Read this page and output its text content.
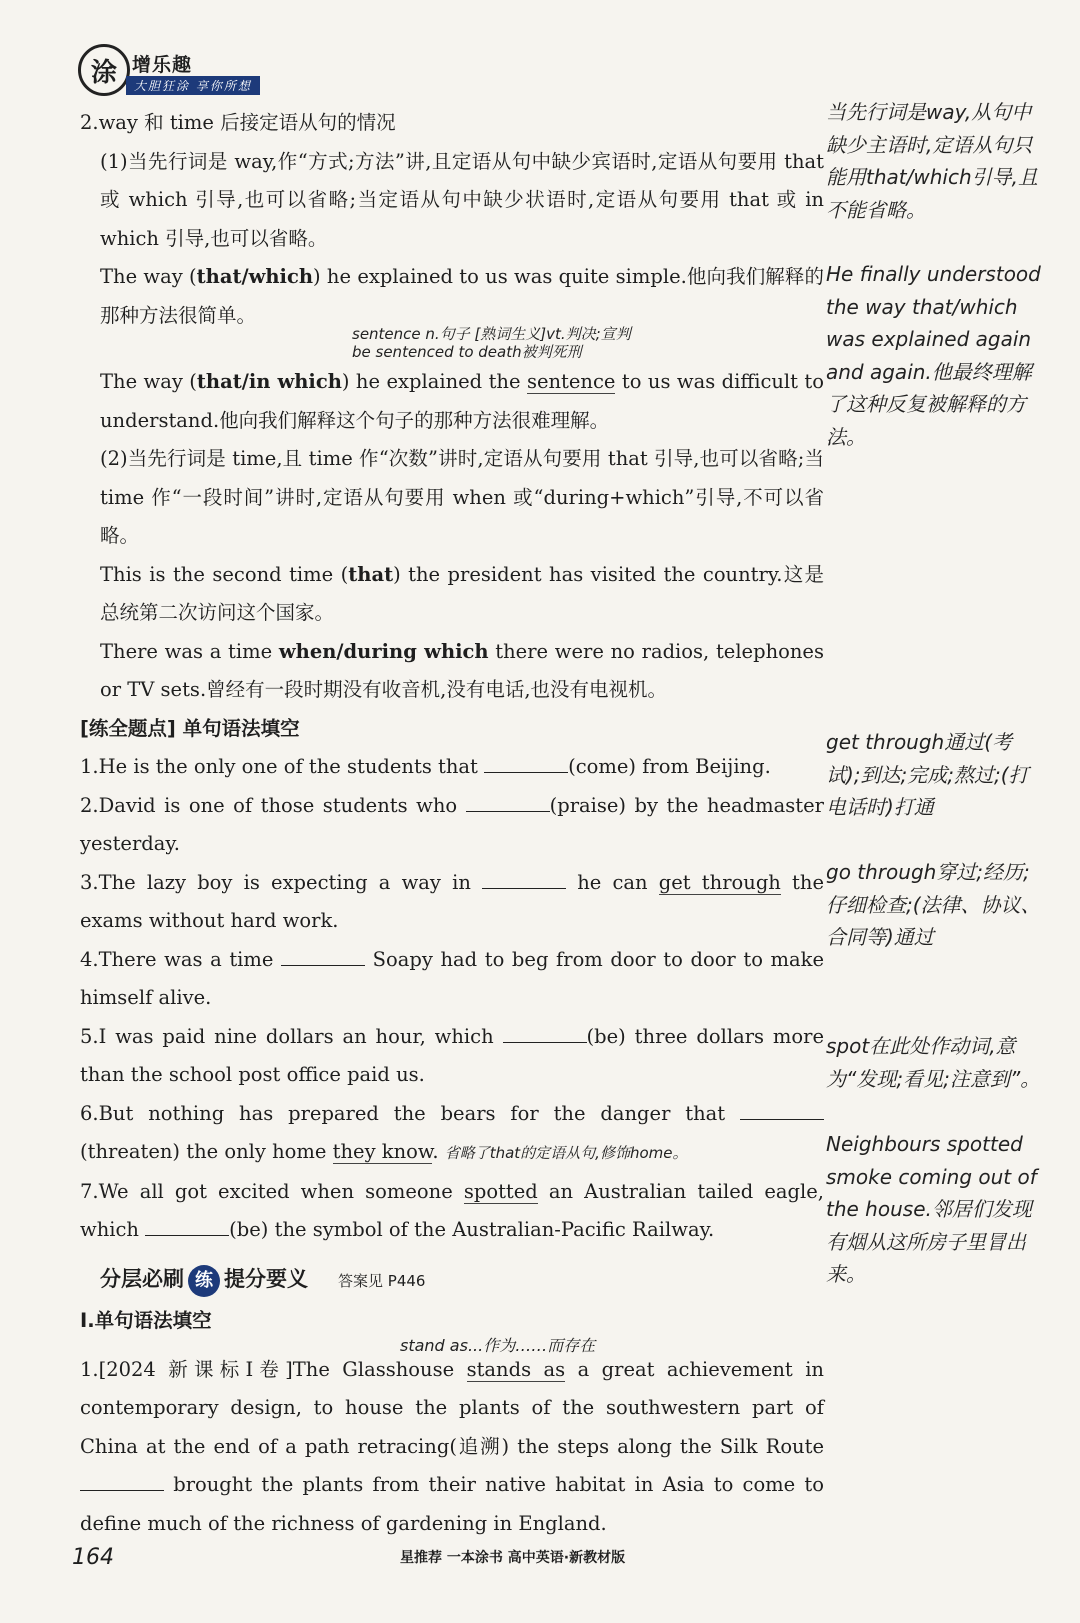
涂 增乐趣
大胆狂涂 享你所想

2.way 和 time 后接定语从句的情况

(1)当先行词是 way,作“方式;方法”讲,且定语从句中缺少宾语时,定语从句要用 that 或 which 引导,也可以省略;当定语从句中缺少状语时,定语从句要用 that 或 in which 引导,也可以省略。

The way (that/which) he explained to us was quite simple.他向我们解释的那种方法很简单。

sentence n.句子 [熟词生义]vt.判决;宣判
be sentenced to death被判死刑

The way (that/in which) he explained the sentence to us was difficult to understand.他向我们解释这个句子的那种方法很难理解。

(2)当先行词是 time,且 time 作“次数”讲时,定语从句要用 that 引导,也可以省略;当 time 作“一段时间”讲时,定语从句要用 when 或“during+which”引导,不可以省略。

This is the second time (that) the president has visited the country.这是总统第二次访问这个国家。

There was a time when/during which there were no radios, telephones or TV sets.曾经有一段时期没有收音机,没有电话,也没有电视机。

[练全题点] 单句语法填空

1.He is the only one of the students that	(come) from Beijing.

2.David is one of those students who	(praise) by the headmaster yesterday.

3.The lazy boy is expecting a way in	he can get through the exams without hard work.

4.There was a time	Soapy had to beg from door to door to make himself alive.

5.I was paid nine dollars an hour, which	(be) three dollars more than the school post office paid us.

6.But nothing has prepared the bears for the danger that (threaten) the only home they know. 省略了that的定语从句,修饰home。

7.We all got excited when someone spotted an Australian tailed eagle, which	(be) the symbol of the Australian-Pacific Railway.

分层必刷 练 提分要义 答案见 P446

Ⅰ.单句语法填空

stand as...作为……而存在

1.[2024 新课标Ⅰ卷]The Glasshouse stands as a great achievement in contemporary design, to house the plants of the southwestern part of China at the end of a path retracing(追溯) the steps along the Silk Route  brought the plants from their native habitat in Asia to come to define much of the richness of gardening in England.

当先行词是way,从句中缺少主语时,定语从句只能用that/which引导,且不能省略。
He finally understood the way that/which was explained again and again.他最终理解了这种反复被解释的方法。
get through通过(考试);到达;完成;熬过;(打电话时)打通
go through穿过;经历;仔细检查;(法律、协议、合同等)通过
spot在此处作动词,意为“发现;看见;注意到”。
Neighbours spotted smoke coming out of the house.邻居们发现有烟从这所房子里冒出来。
164	星推荐 一本涂书 高中英语·新教材版
